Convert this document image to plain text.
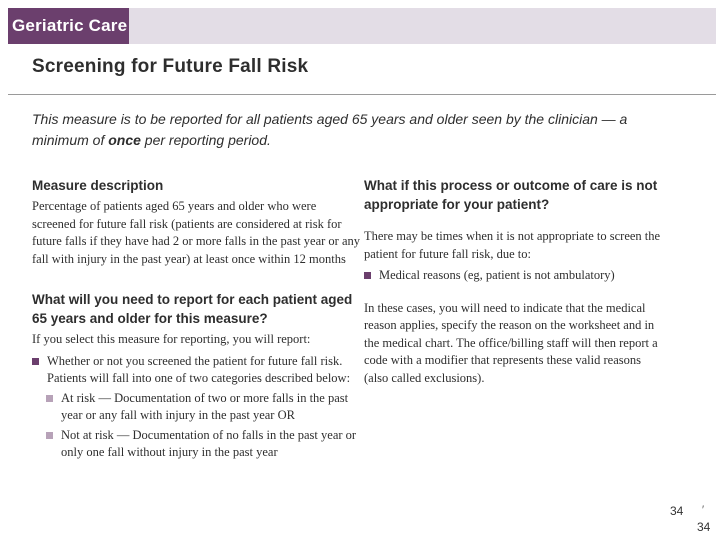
Geriatric Care
Screening for Future Fall Risk
This measure is to be reported for all patients aged 65 years and older seen by the clinician — a minimum of once per reporting period.

Measure description

Percentage of patients aged 65 years and older who were screened for future fall risk (patients are considered at risk for future falls if they have had 2 or more falls in the past year or any fall with injury in the past year) at least once within 12 months

What will you need to report for each patient aged 65 years and older for this measure?

If you select this measure for reporting, you will report:
Whether or not you screened the patient for future fall risk. Patients will fall into one of two categories described below:
At risk — Documentation of two or more falls in the past year or any fall with injury in the past year OR
Not at risk — Documentation of no falls in the past year or only one fall without injury in the past year

What if this process or outcome of care is not appropriate for your patient?

There may be times when it is not appropriate to screen the patient for future fall risk, due to:
Medical reasons (eg, patient is not ambulatory)
In these cases, you will need to indicate that the medical reason applies, specify the reason on the worksheet and in the medical chart. The office/billing staff will then report a code with a modifier that represents these valid reasons (also called exclusions).
34 ′
34
